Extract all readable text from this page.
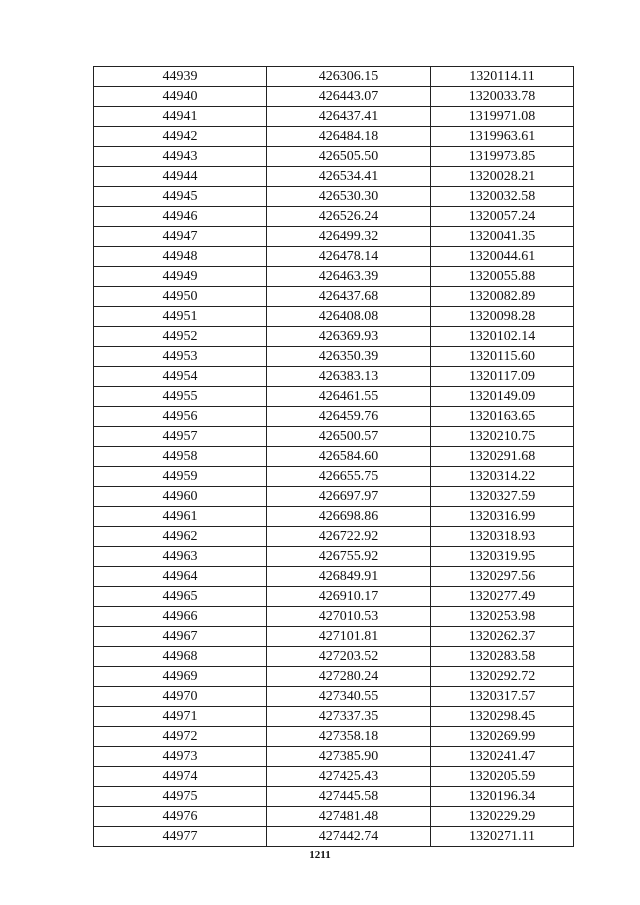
44939	426306.15	1320114.11
44940	426443.07	1320033.78
44941	426437.41	1319971.08
44942	426484.18	1319963.61
44943	426505.50	1319973.85
44944	426534.41	1320028.21
44945	426530.30	1320032.58
44946	426526.24	1320057.24
44947	426499.32	1320041.35
44948	426478.14	1320044.61
44949	426463.39	1320055.88
44950	426437.68	1320082.89
44951	426408.08	1320098.28
44952	426369.93	1320102.14
44953	426350.39	1320115.60
44954	426383.13	1320117.09
44955	426461.55	1320149.09
44956	426459.76	1320163.65
44957	426500.57	1320210.75
44958	426584.60	1320291.68
44959	426655.75	1320314.22
44960	426697.97	1320327.59
44961	426698.86	1320316.99
44962	426722.92	1320318.93
44963	426755.92	1320319.95
44964	426849.91	1320297.56
44965	426910.17	1320277.49
44966	427010.53	1320253.98
44967	427101.81	1320262.37
44968	427203.52	1320283.58
44969	427280.24	1320292.72
44970	427340.55	1320317.57
44971	427337.35	1320298.45
44972	427358.18	1320269.99
44973	427385.90	1320241.47
44974	427425.43	1320205.59
44975	427445.58	1320196.34
44976	427481.48	1320229.29
44977	427442.74	1320271.11
1211
